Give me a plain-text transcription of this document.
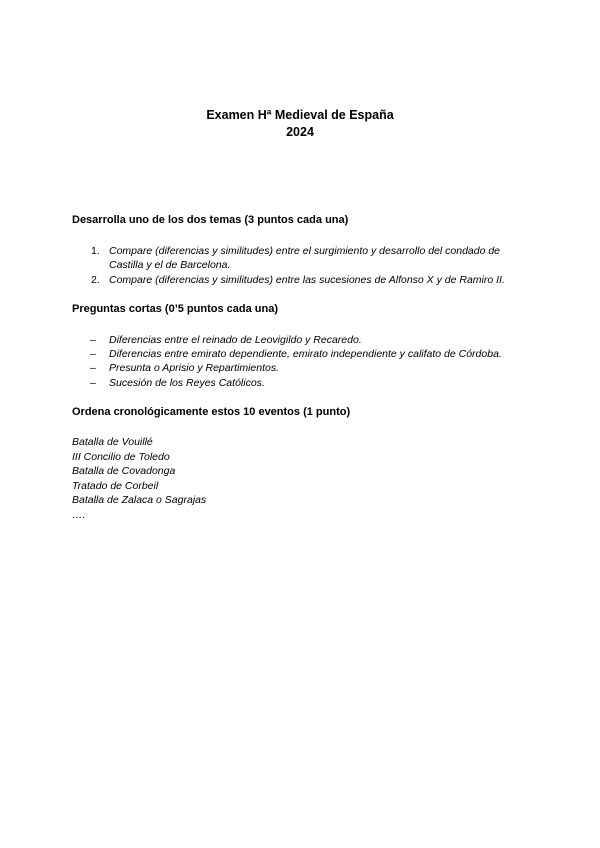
Examen Hª Medieval de España
2024
Desarrolla uno de los dos temas (3 puntos cada una)
1. Compare (diferencias y similitudes) entre el surgimiento y desarrollo del condado de
Castilla y el de Barcelona.
2. Compare (diferencias y similitudes) entre las sucesiones de Alfonso X y de Ramiro II.
Preguntas cortas (0’5 puntos cada una)
– Diferencias entre el reinado de Leovigildo y Recaredo.
– Diferencias entre emirato dependiente, emirato independiente y califato de Córdoba.
– Presunta o Aprisio y Repartimientos.
– Sucesión de los Reyes Católicos.
Ordena cronológicamente estos 10 eventos (1 punto)
Batalla de Vouillé
III Concilio de Toledo
Batalla de Covadonga
Tratado de Corbeil
Batalla de Zalaca o Sagrajas
….
